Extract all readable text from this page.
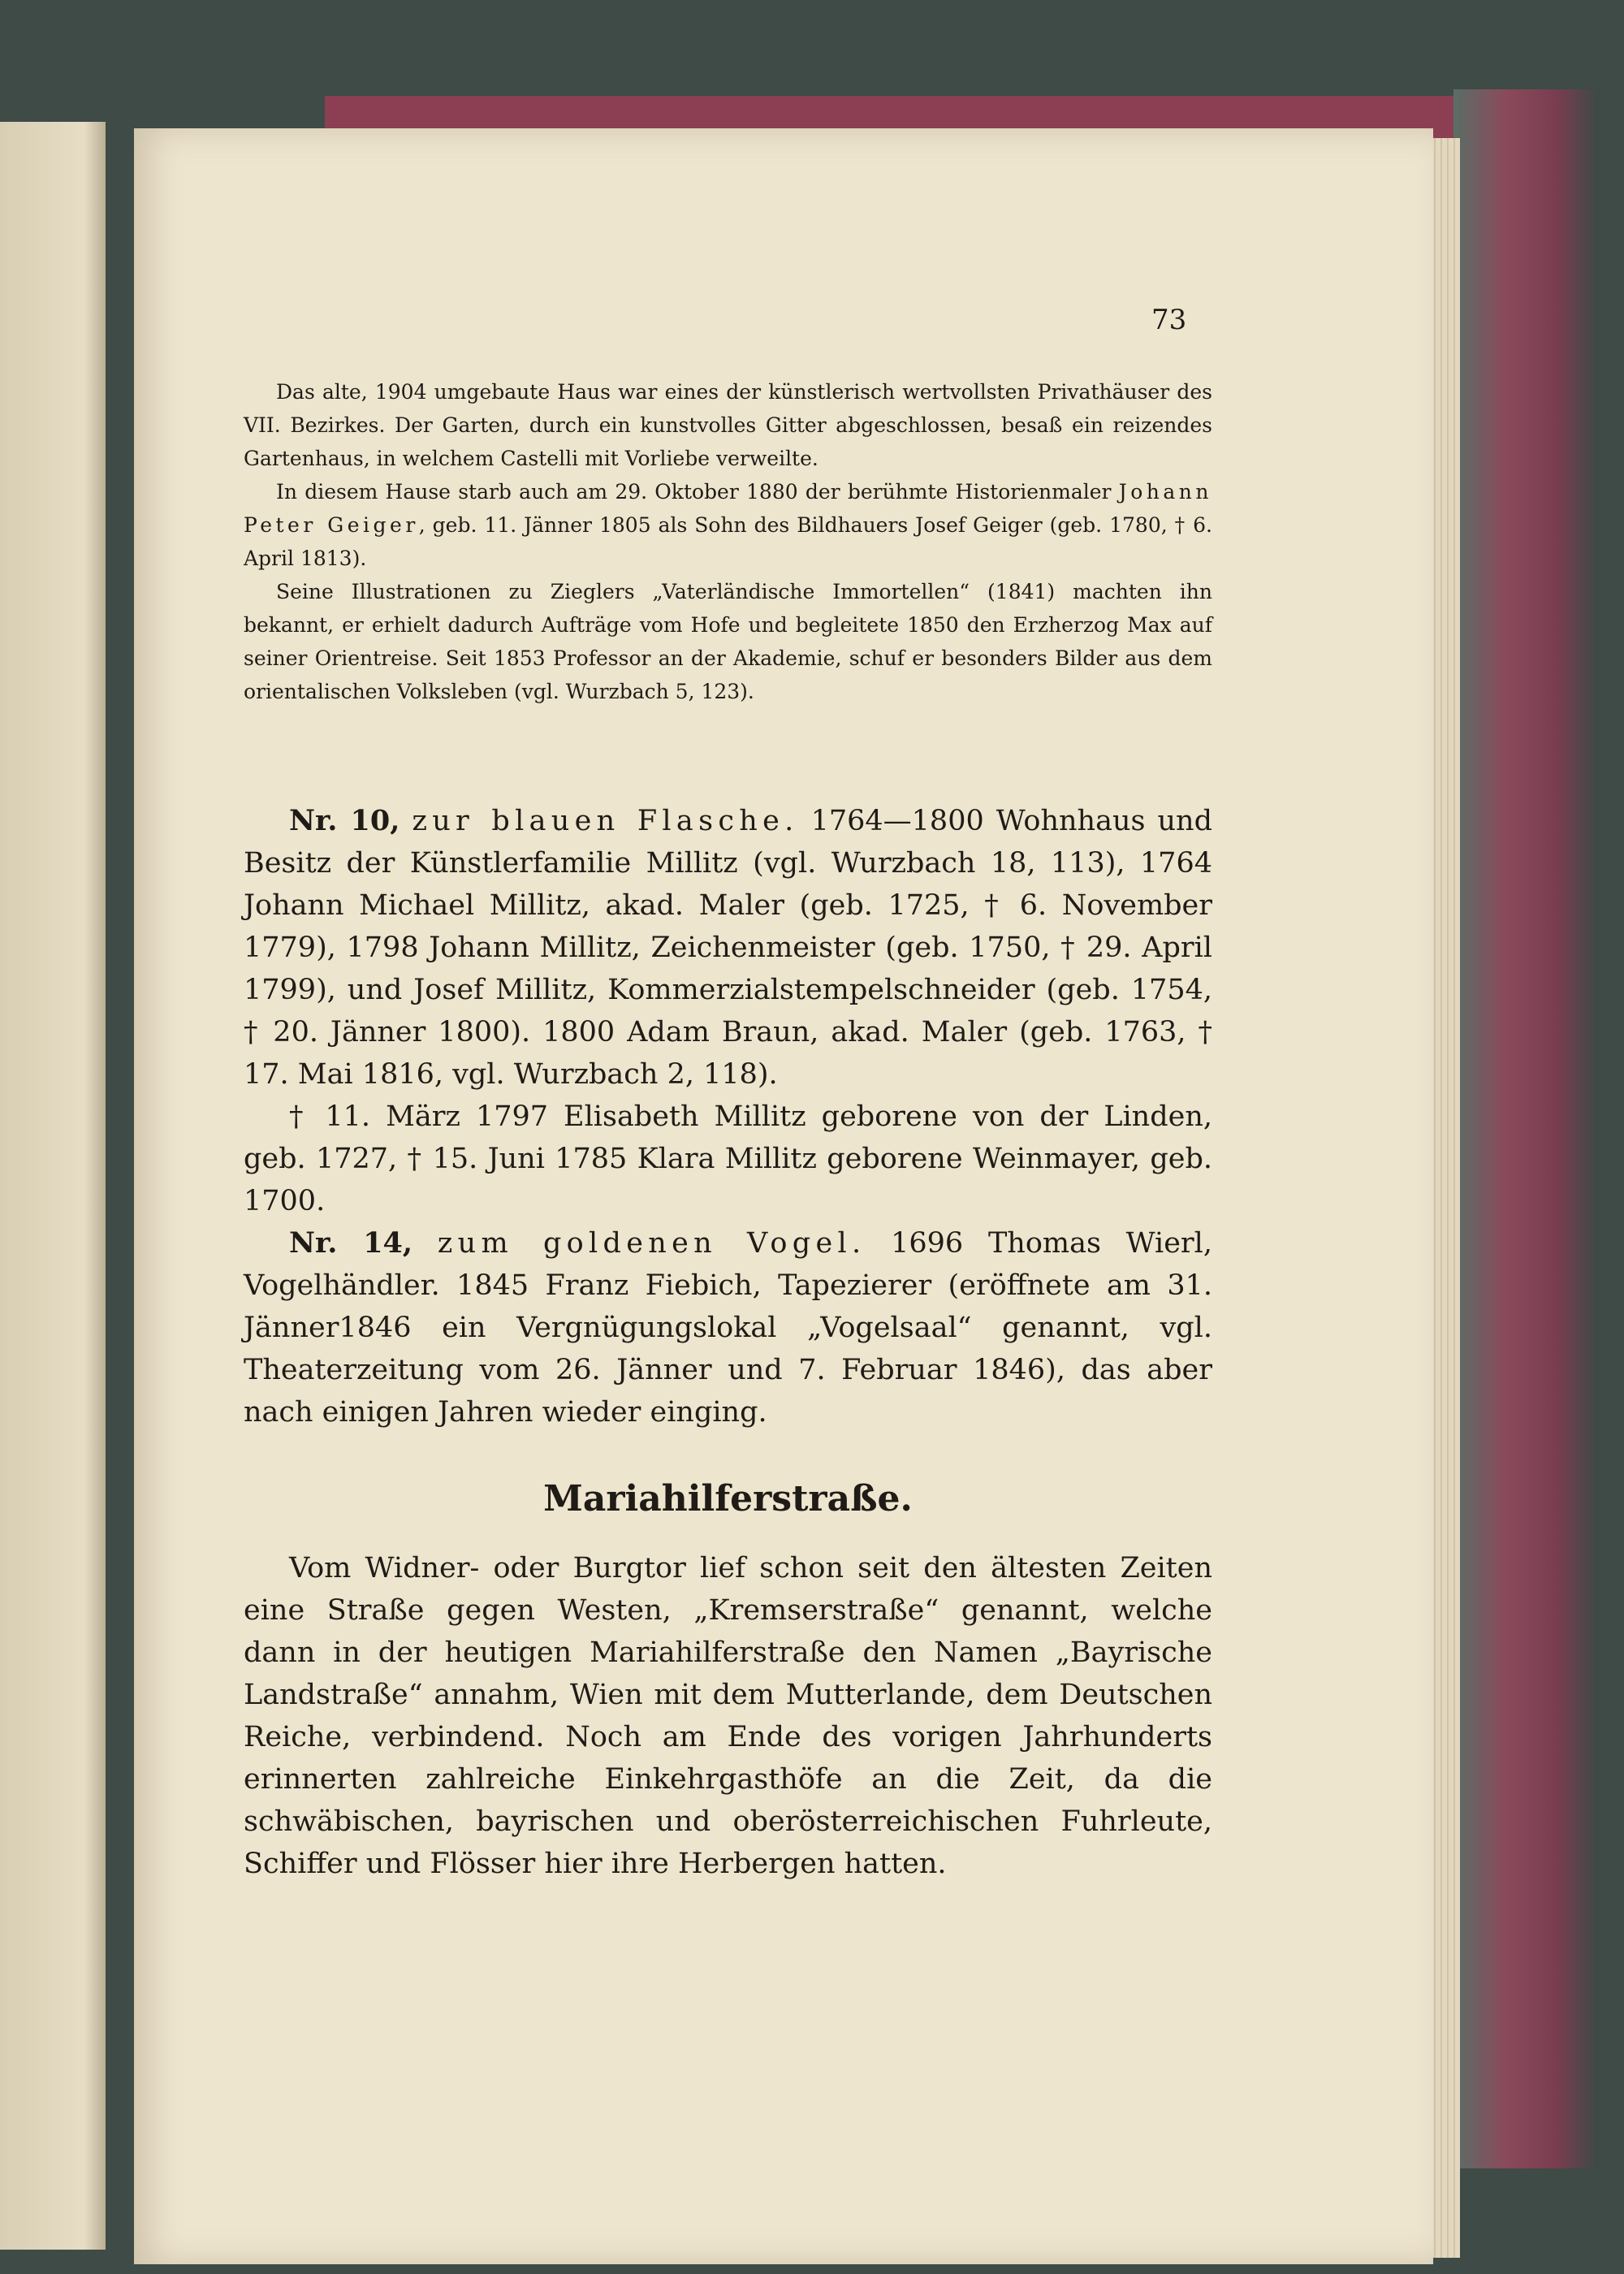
73

Das alte, 1904 umgebaute Haus war eines der künstlerisch wertvollsten Privathäuser des VII. Bezirkes. Der Garten, durch ein kunstvolles Gitter abgeschlossen, besaß ein reizendes Gartenhaus, in welchem Castelli mit Vorliebe verweilte.

In diesem Hause starb auch am 29. Oktober 1880 der berühmte Historienmaler Johann Peter Geiger, geb. 11. Jänner 1805 als Sohn des Bildhauers Josef Geiger (geb. 1780, † 6. April 1813).

Seine Illustrationen zu Zieglers „Vaterländische Immortellen“ (1841) machten ihn bekannt, er erhielt dadurch Aufträge vom Hofe und begleitete 1850 den Erzherzog Max auf seiner Orientreise. Seit 1853 Professor an der Akademie, schuf er besonders Bilder aus dem orientalischen Volksleben (vgl. Wurzbach 5, 123).

Nr. 10, zur blauen Flasche. 1764—1800 Wohnhaus und Besitz der Künstlerfamilie Millitz (vgl. Wurzbach 18, 113), 1764 Johann Michael Millitz, akad. Maler (geb. 1725, † 6. November 1779), 1798 Johann Millitz, Zeichenmeister (geb. 1750, † 29. April 1799), und Josef Millitz, Kommerzialstempelschneider (geb. 1754, † 20. Jänner 1800). 1800 Adam Braun, akad. Maler (geb. 1763, † 17. Mai 1816, vgl. Wurzbach 2, 118).

† 11. März 1797 Elisabeth Millitz geborene von der Linden, geb. 1727, † 15. Juni 1785 Klara Millitz geborene Weinmayer, geb. 1700.

Nr. 14, zum goldenen Vogel. 1696 Thomas Wierl, Vogelhändler. 1845 Franz Fiebich, Tapezierer (eröffnete am 31. Jänner1846 ein Vergnügungslokal „Vogelsaal“ genannt, vgl. Theaterzeitung vom 26. Jänner und 7. Februar 1846), das aber nach einigen Jahren wieder einging.

Mariahilferstraße.

Vom Widner- oder Burgtor lief schon seit den ältesten Zeiten eine Straße gegen Westen, „Kremserstraße“ genannt, welche dann in der heutigen Mariahilferstraße den Namen „Bayrische Landstraße“ annahm, Wien mit dem Mutterlande, dem Deutschen Reiche, verbindend. Noch am Ende des vorigen Jahrhunderts erinnerten zahlreiche Einkehrgasthöfe an die Zeit, da die schwäbischen, bayrischen und oberösterreichischen Fuhrleute, Schiffer und Flösser hier ihre Herbergen hatten.
